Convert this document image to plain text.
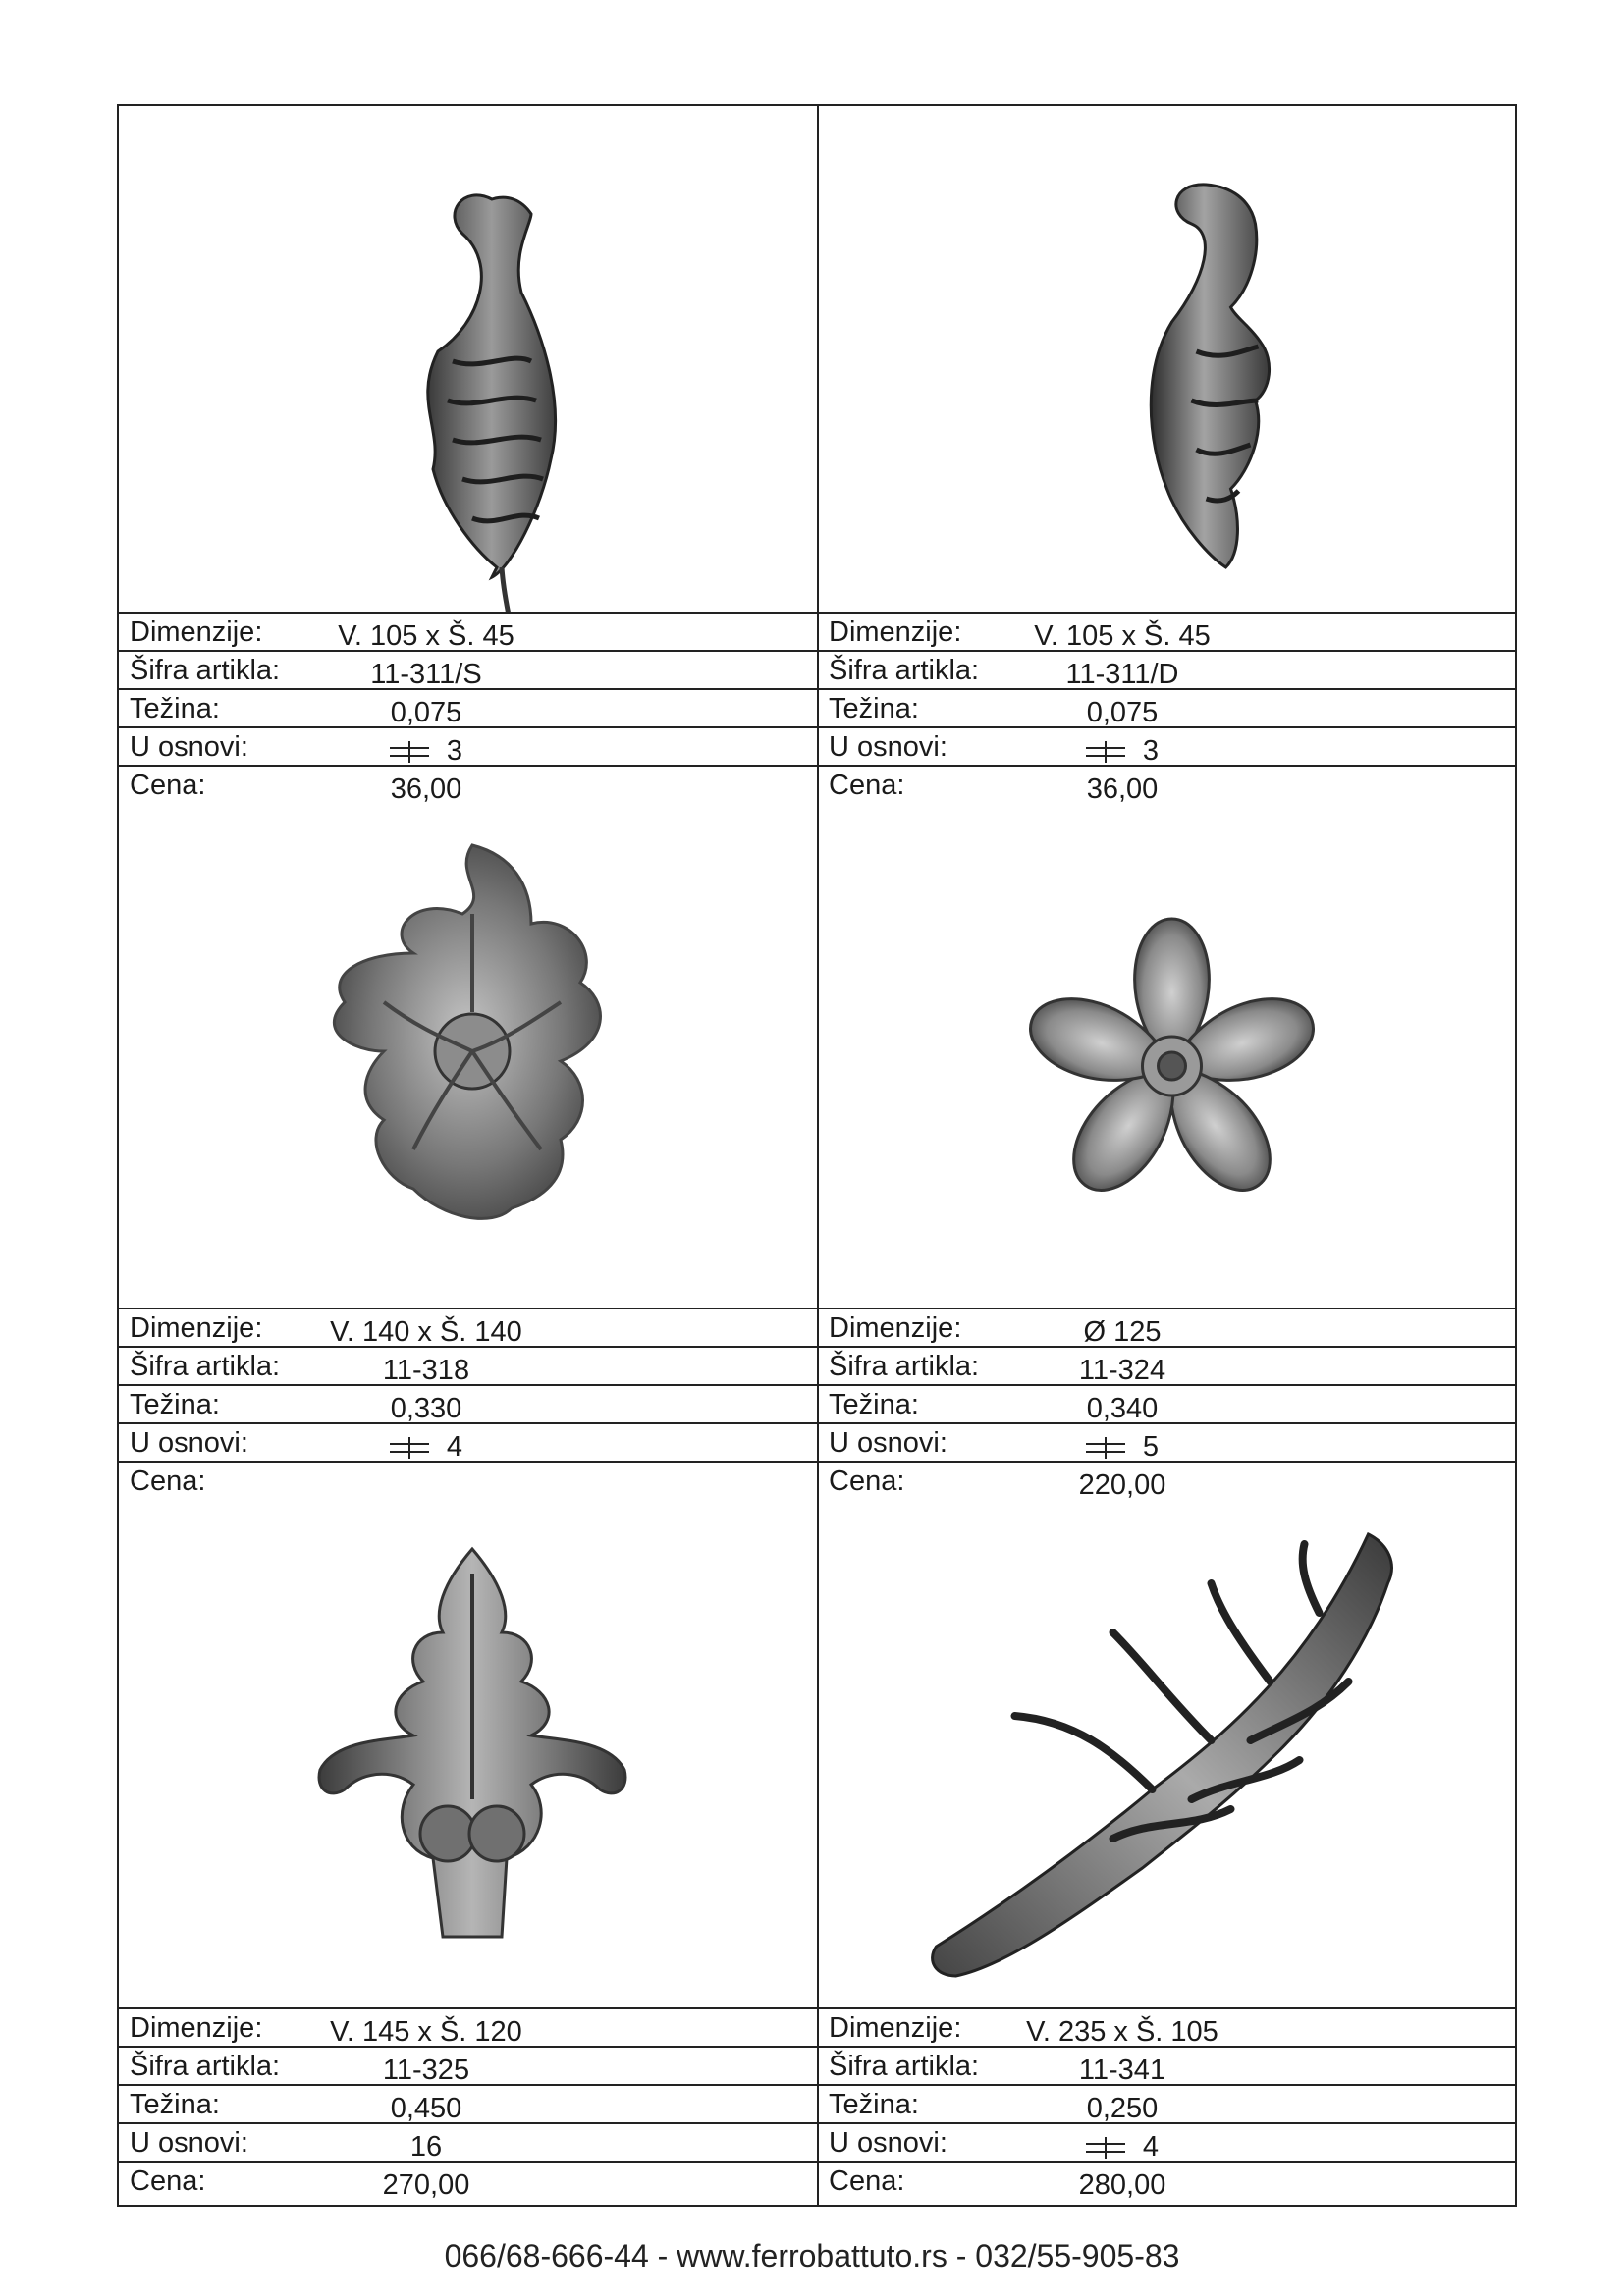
Dimenzije:	V. 105 x Š. 45
Šifra artikla:	11-311/S
Težina:	0,075
U osnovi:	3
Cena:	36,00
Dimenzije:	V. 105 x Š. 45
Šifra artikla:	11-311/D
Težina:	0,075
U osnovi:	3
Cena:	36,00
Dimenzije:	V. 140 x Š. 140
Šifra artikla:	11-318
Težina:	0,330
U osnovi:	4
Cena:
Dimenzije:	Ø 125
Šifra artikla:	11-324
Težina:	0,340
U osnovi:	5
Cena:	220,00
Dimenzije:	V. 145 x Š. 120
Šifra artikla:	11-325
Težina:	0,450
U osnovi:	16
Cena:	270,00
Dimenzije:	V. 235 x Š. 105
Šifra artikla:	11-341
Težina:	0,250
U osnovi:	4
Cena:	280,00
066/68-666-44 - www.ferrobattuto.rs - 032/55-905-83
